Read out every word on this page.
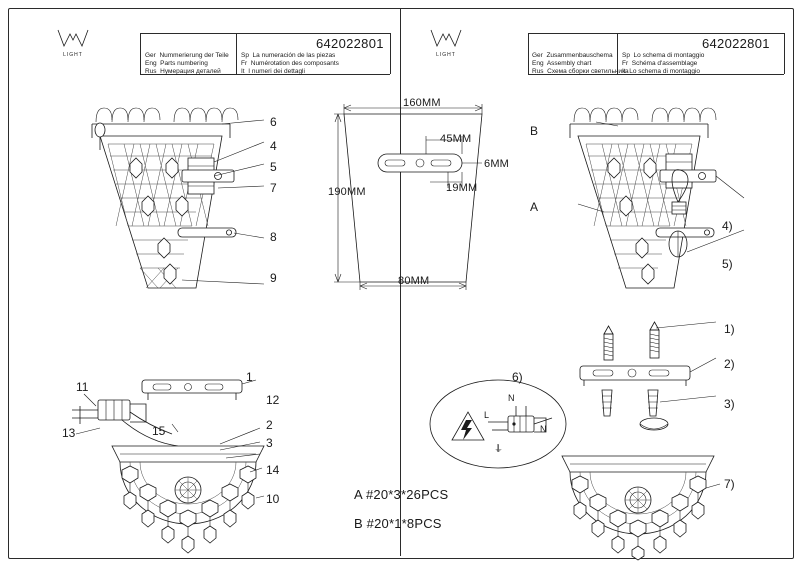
LIGHT
642022801
Ger  Nummerierung der Teile
Eng  Parts numbering
Rus  Нумерация деталей
Sp  La numeración de las piezas
Fr  Numérotation des composants
It  I numeri dei dettagli
LIGHT
642022801
Ger  Zusammenbauschema
Eng  Assembly chart
Rus  Схема сборки светильника
Sp  Lo schema di montaggio
Fr  Schéma d'assemblage
It  Lo schema di montaggio
6
4
5
7
8
9
160MM
190MM
80MM
45MM
6MM
19MM
B
A
4)
5)
1)
2)
3)
1
11
13	15
12
2
3
14
10
6)
N
N
L
⏚
7)
A #20*3*26PCS
B #20*1*8PCS
